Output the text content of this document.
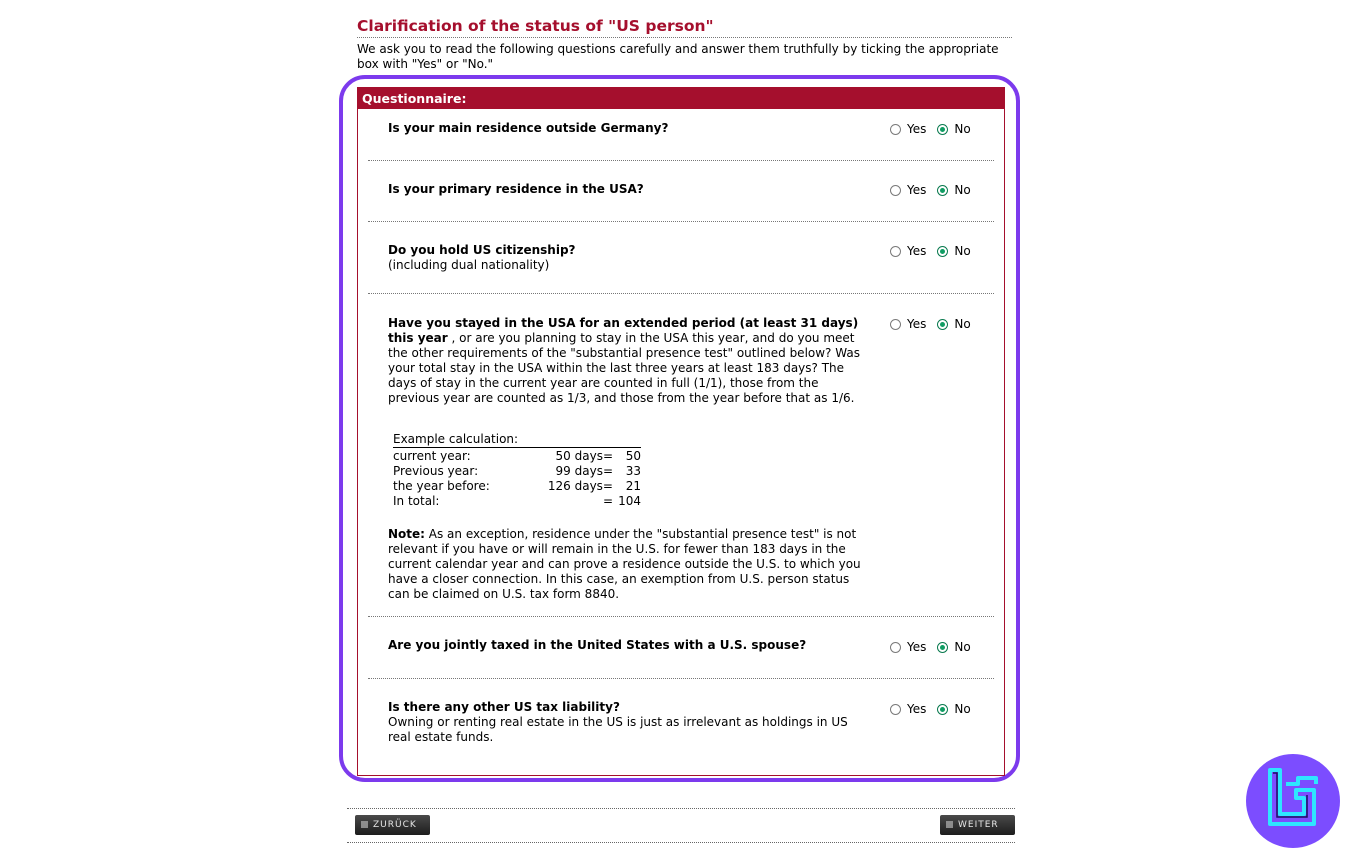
Clarification of the status of "US person"

We ask you to read the following questions carefully and answer them truthfully by ticking the appropriate box with "Yes" or "No."

Questionnaire:
Is your main residence outside Germany?	Yes No
Is your primary residence in the USA?	Yes No
Do you hold US citizenship?
(including dual nationality)
Yes No
Have you stayed in the USA for an extended period (at least 31 days) this year , or are you planning to stay in the USA this year, and do you meet the other requirements of the "substantial presence test" outlined below? Was your total stay in the USA within the last three years at least 183 days? The days of stay in the current year are counted in full (1/1), those from the previous year are counted as 1/3, and those from the year before that as 1/6.
Yes No
Example calculation:
current year:	50 days=	50
Previous year:	99 days=	33
the year before:	126 days=	21
In total:	= 104
Note: As an exception, residence under the "substantial presence test" is not relevant if you have or will remain in the U.S. for fewer than 183 days in the current calendar year and can prove a residence outside the U.S. to which you have a closer connection. In this case, an exemption from U.S. person status can be claimed on U.S. tax form 8840.
Are you jointly taxed in the United States with a U.S. spouse?	Yes No
Is there any other US tax liability?
Owning or renting real estate in the US is just as irrelevant as holdings in US real estate funds.
Yes No
ZURÜCK	WEITER
